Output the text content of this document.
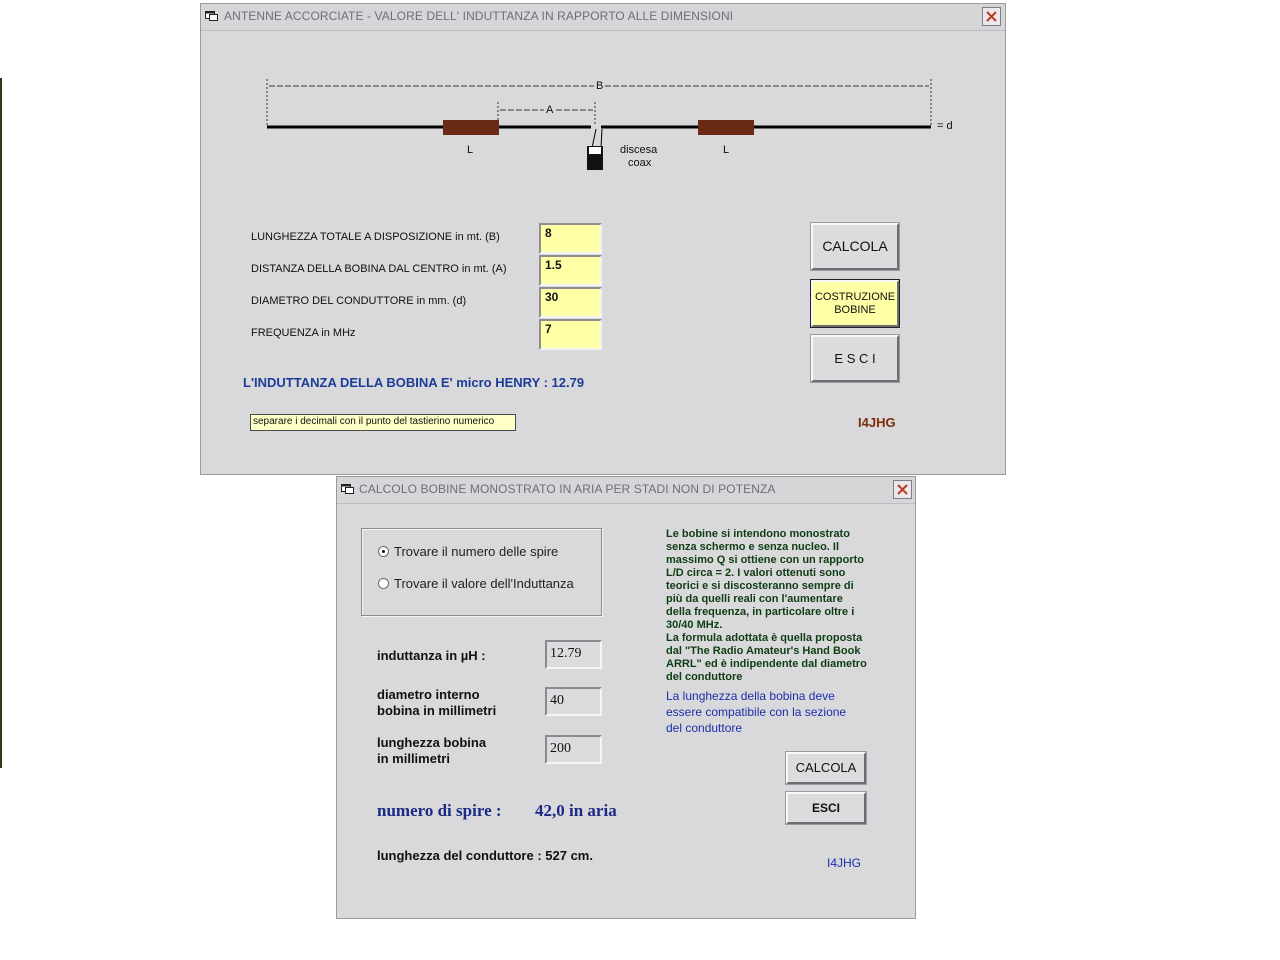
ANTENNE ACCORCIATE - VALORE DELL' INDUTTANZA IN RAPPORTO ALLE DIMENSIONI
B
A
= d
L	L
discesa
coax
LUNGHEZZA TOTALE A DISPOSIZIONE in mt. (B)	8
DISTANZA DELLA BOBINA DAL CENTRO in mt. (A)	1.5
DIAMETRO DEL CONDUTTORE in mm. (d)	30
FREQUENZA in MHz	7
CALCOLA
COSTRUZIONE
BOBINE
E S C I
L'INDUTTANZA DELLA BOBINA E' micro HENRY : 12.79
separare i decimali con il punto del tastierino numerico	I4JHG
CALCOLO BOBINE MONOSTRATO IN ARIA PER STADI NON DI POTENZA
Trovare il numero delle spire
Trovare il valore dell'Induttanza
induttanza in µH :	12.79
diametro interno
bobina in millimetri
40
lunghezza bobina
in millimetri
200
Le bobine si intendono monostrato
senza schermo e senza nucleo. Il
massimo Q si ottiene con un rapporto
L/D circa = 2. I valori ottenuti sono
teorici e si discosteranno sempre di
più da quelli reali con l'aumentare
della frequenza, in particolare oltre i
30/40 MHz.
La formula adottata è quella proposta
dal "The Radio Amateur's Hand Book
ARRL" ed è indipendente dal diametro
del conduttore
La lunghezza della bobina deve
essere compatibile con la sezione
del conduttore
CALCOLA
ESCI
numero di spire : 42,0 in aria
lunghezza del conduttore : 527 cm.	I4JHG
